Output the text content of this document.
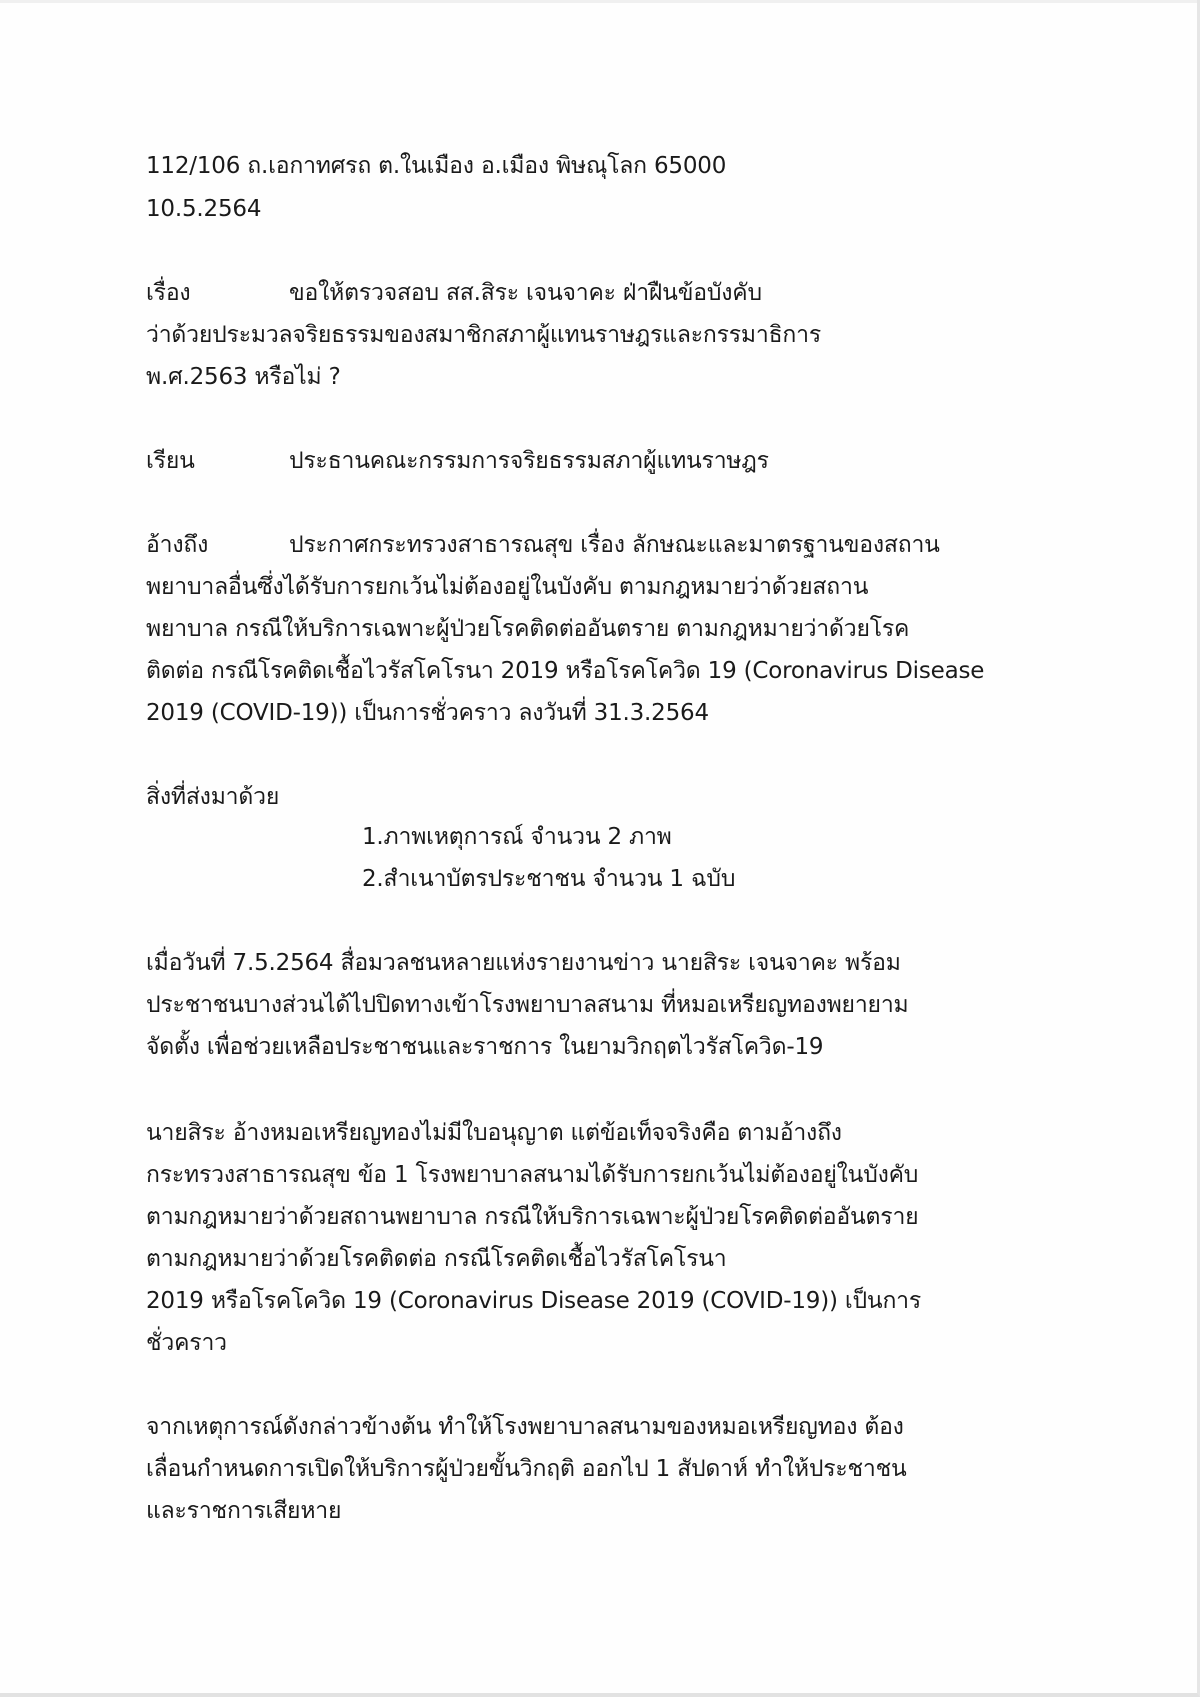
112/106 ถ.เอกาทศรถ ต.ในเมือง อ.เมือง พิษณุโลก 65000
10.5.2564
เรื่อง	ขอให้ตรวจสอบ สส.สิระ เจนจาคะ ฝ่าฝืนข้อบังคับ
ว่าด้วยประมวลจริยธรรมของสมาชิกสภาผู้แทนราษฎรและกรรมาธิการ
พ.ศ.2563 หรือไม่ ?
เรียน	ประธานคณะกรรมการจริยธรรมสภาผู้แทนราษฎร
อ้างถึง	ประกาศกระทรวงสาธารณสุข เรื่อง ลักษณะและมาตรฐานของสถาน
พยาบาลอื่นซึ่งได้รับการยกเว้นไม่ต้องอยู่ในบังคับ ตามกฎหมายว่าด้วยสถาน
พยาบาล กรณีให้บริการเฉพาะผู้ป่วยโรคติดต่ออันตราย ตามกฎหมายว่าด้วยโรค
ติดต่อ กรณีโรคติดเชื้อไวรัสโคโรนา 2019 หรือโรคโควิด 19 (Coronavirus Disease
2019 (COVID-19)) เป็นการชั่วคราว ลงวันที่ 31.3.2564
สิ่งที่ส่งมาด้วย
1.ภาพเหตุการณ์ จำนวน 2 ภาพ
2.สำเนาบัตรประชาชน จำนวน 1 ฉบับ
เมื่อวันที่ 7.5.2564 สื่อมวลชนหลายแห่งรายงานข่าว นายสิระ เจนจาคะ พร้อม
ประชาชนบางส่วนได้ไปปิดทางเข้าโรงพยาบาลสนาม ที่หมอเหรียญทองพยายาม
จัดตั้ง เพื่อช่วยเหลือประชาชนและราชการ ในยามวิกฤตไวรัสโควิด-19
นายสิระ อ้างหมอเหรียญทองไม่มีใบอนุญาต แต่ข้อเท็จจริงคือ ตามอ้างถึง
กระทรวงสาธารณสุข ข้อ 1 โรงพยาบาลสนามได้รับการยกเว้นไม่ต้องอยู่ในบังคับ
ตามกฎหมายว่าด้วยสถานพยาบาล กรณีให้บริการเฉพาะผู้ป่วยโรคติดต่ออันตราย
ตามกฎหมายว่าด้วยโรคติดต่อ กรณีโรคติดเชื้อไวรัสโคโรนา
2019 หรือโรคโควิด 19 (Coronavirus Disease 2019 (COVID-19)) เป็นการ
ชั่วคราว
จากเหตุการณ์ดังกล่าวข้างต้น ทำให้โรงพยาบาลสนามของหมอเหรียญทอง ต้อง
เลื่อนกำหนดการเปิดให้บริการผู้ป่วยขั้นวิกฤติ ออกไป 1 สัปดาห์ ทำให้ประชาชน
และราชการเสียหาย
